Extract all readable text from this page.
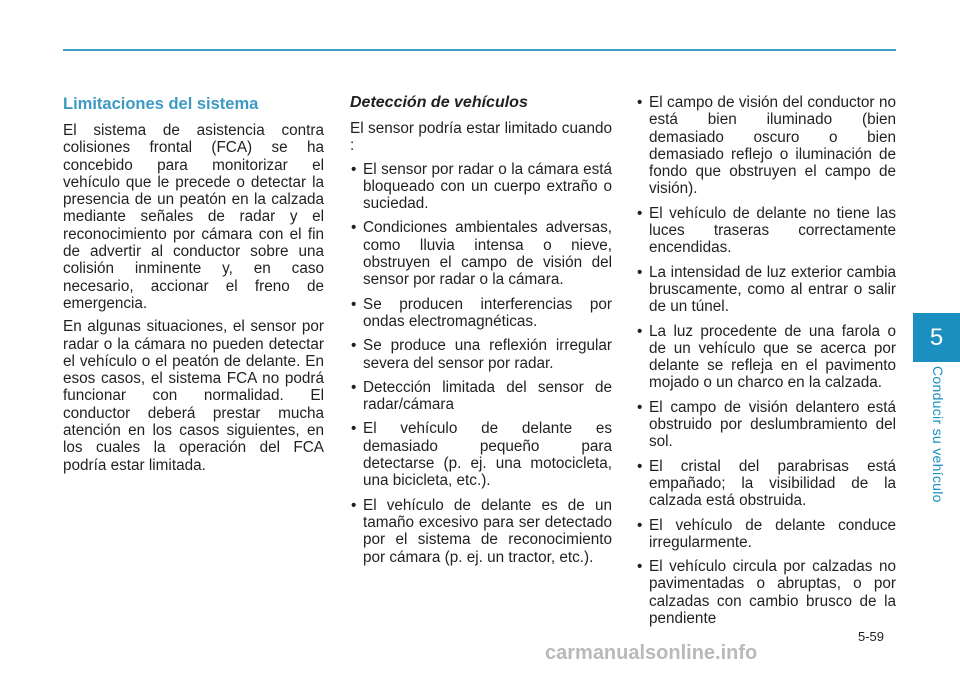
5
Conducir su vehículo
Limitaciones del sistema

El sistema de asistencia contra colisiones frontal (FCA) se ha concebido para monitorizar el vehículo que le precede o detectar la presencia de un peatón en la calzada mediante señales de radar y el reconocimiento por cámara con el fin de advertir al conductor sobre una colisión inminente y, en caso necesario, accionar el freno de emergencia.

En algunas situaciones, el sensor por radar o la cámara no pueden detectar el vehículo o el peatón de delante. En esos casos, el sistema FCA no podrá funcionar con normalidad. El conductor deberá prestar mucha atención en los casos siguientes, en los cuales la operación del FCA podría estar limitada.

Detección de vehículos

El sensor podría estar limitado cuando :

• El sensor por radar o la cámara está bloqueado con un cuerpo extraño o suciedad.
• Condiciones ambientales adversas, como lluvia intensa o nieve, obstruyen el campo de visión del sensor por radar o la cámara.
• Se producen interferencias por ondas electromagnéticas.
• Se produce una reflexión irregular severa del sensor por radar.
• Detección limitada del sensor de radar/cámara
• El vehículo de delante es demasiado pequeño para detectarse (p. ej. una motocicleta, una bicicleta, etc.).
• El vehículo de delante es de un tamaño excesivo para ser detectado por el sistema de reconocimiento por cámara (p. ej. un tractor, etc.).
• El campo de visión del conductor no está bien iluminado (bien demasiado oscuro o bien demasiado reflejo o iluminación de fondo que obstruyen el campo de visión).
• El vehículo de delante no tiene las luces traseras correctamente encendidas.
• La intensidad de luz exterior cambia bruscamente, como al entrar o salir de un túnel.
• La luz procedente de una farola o de un vehículo que se acerca por delante se refleja en el pavimento mojado o un charco en la calzada.
• El campo de visión delantero está obstruido por deslumbramiento del sol.
• El cristal del parabrisas está empañado; la visibilidad de la calzada está obstruida.
• El vehículo de delante conduce irregularmente.
• El vehículo circula por calzadas no pavimentadas o abruptas, o por calzadas con cambio brusco de la pendiente
5-59
carmanualsonline.info
